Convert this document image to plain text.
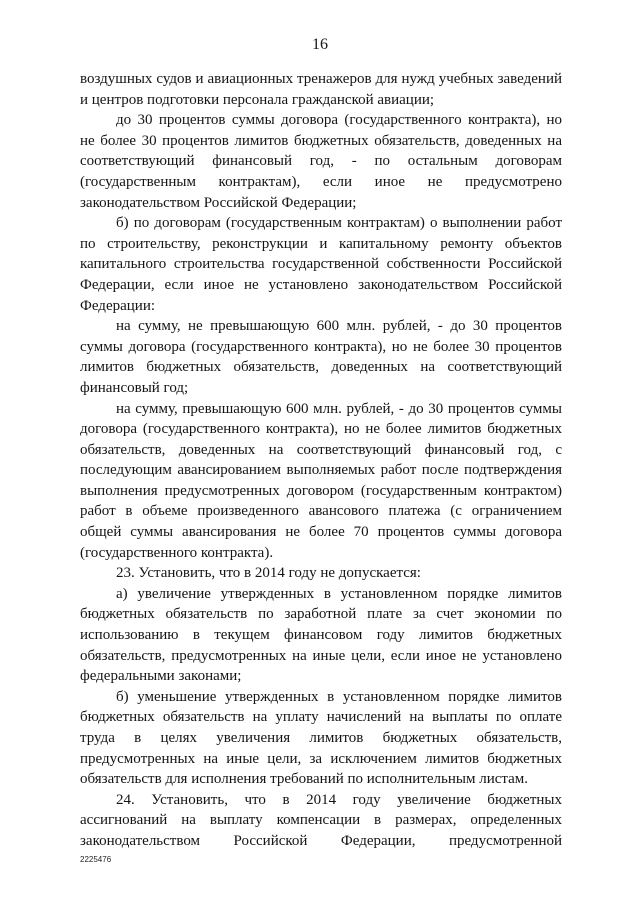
16
воздушных судов и авиационных тренажеров для нужд учебных заведений
и центров подготовки персонала гражданской авиации;
до 30 процентов суммы договора (государственного контракта), но
не более 30 процентов лимитов бюджетных обязательств, доведенных на
соответствующий финансовый год, - по остальным договорам
(государственным контрактам), если иное не предусмотрено
законодательством Российской Федерации;
б) по договорам (государственным контрактам) о выполнении работ
по строительству, реконструкции и капитальному ремонту объектов
капитального строительства государственной собственности Российской
Федерации, если иное не установлено законодательством Российской
Федерации:
на сумму, не превышающую 600 млн. рублей, - до 30 процентов
суммы договора (государственного контракта), но не более 30 процентов
лимитов бюджетных обязательств, доведенных на соответствующий
финансовый год;
на сумму, превышающую 600 млн. рублей, - до 30 процентов суммы
договора (государственного контракта), но не более лимитов бюджетных
обязательств, доведенных на соответствующий финансовый год, с
последующим авансированием выполняемых работ после подтверждения
выполнения предусмотренных договором (государственным контрактом)
работ в объеме произведенного авансового платежа (с ограничением
общей суммы авансирования не более 70 процентов суммы договора
(государственного контракта).
23. Установить, что в 2014 году не допускается:
а) увеличение утвержденных в установленном порядке лимитов
бюджетных обязательств по заработной плате за счет экономии по
использованию в текущем финансовом году лимитов бюджетных
обязательств, предусмотренных на иные цели, если иное не установлено
федеральными законами;
б) уменьшение утвержденных в установленном порядке лимитов
бюджетных обязательств на уплату начислений на выплаты по оплате
труда в целях увеличения лимитов бюджетных обязательств,
предусмотренных на иные цели, за исключением лимитов бюджетных
обязательств для исполнения требований по исполнительным листам.
24. Установить, что в 2014 году увеличение бюджетных
ассигнований на выплату компенсации в размерах, определенных
законодательством Российской Федерации, предусмотренной
2225476
